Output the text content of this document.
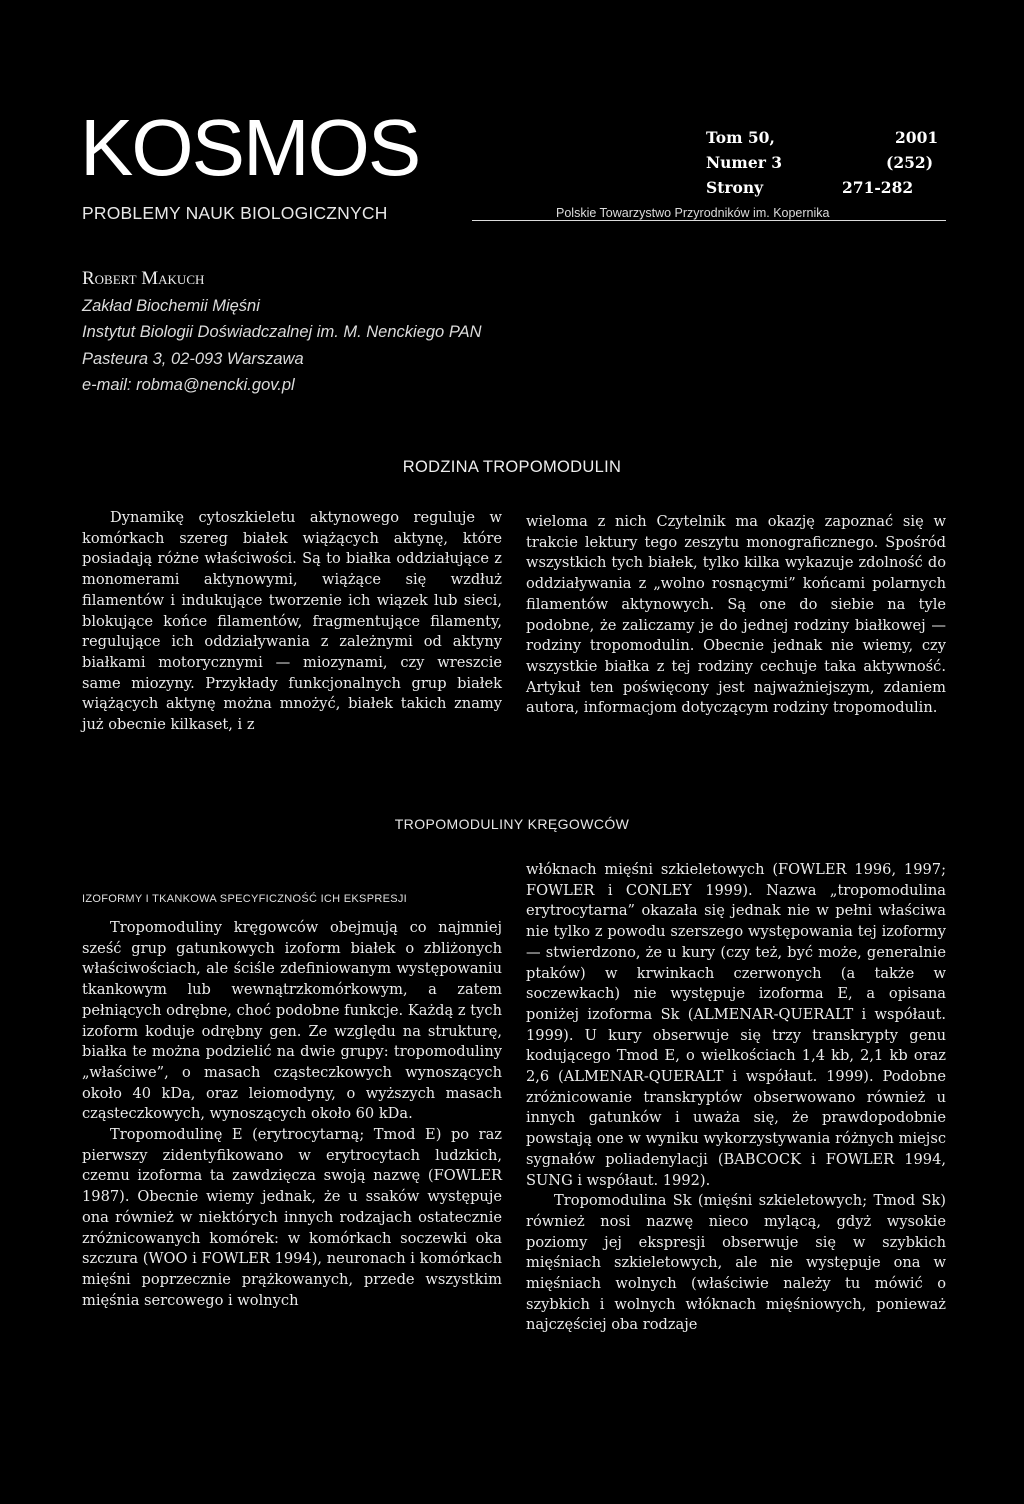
KOSMOS
PROBLEMY NAUK BIOLOGICZNYCH
Tom 50,	2001
Numer 3	(252)
Strony	271-282
Polskie Towarzystwo Przyrodników im. Kopernika
Robert Makuch
Zakład Biochemii Mięśni
Instytut Biologii Doświadczalnej im. M. Nenckiego PAN
Pasteura 3, 02-093 Warszawa
e-mail: robma@nencki.gov.pl
RODZINA TROPOMODULIN

Dynamikę cytoszkieletu aktynowego reguluje w komórkach szereg białek wiążących aktynę, które posiadają różne właściwości. Są to białka oddziałujące z monomerami aktynowymi, wiążące się wzdłuż filamentów i indukujące tworzenie ich wiązek lub sieci, blokujące końce filamentów, fragmentujące filamenty, regulujące ich oddziaływania z zależnymi od aktyny białkami motorycznymi — miozynami, czy wreszcie same miozyny. Przykłady funkcjonalnych grup białek wiążących aktynę można mnożyć, białek takich znamy już obecnie kilkaset, i z

wieloma z nich Czytelnik ma okazję zapoznać się w trakcie lektury tego zeszytu monograficznego. Spośród wszystkich tych białek, tylko kilka wykazuje zdolność do oddziaływania z „wolno rosnącymi” końcami polarnych filamentów aktynowych. Są one do siebie na tyle podobne, że zaliczamy je do jednej rodziny białkowej — rodziny tropomodulin. Obecnie jednak nie wiemy, czy wszystkie białka z tej rodziny cechuje taka aktywność. Artykuł ten poświęcony jest najważniejszym, zdaniem autora, informacjom dotyczącym rodziny tropomodulin.

TROPOMODULINY KRĘGOWCÓW
IZOFORMY I TKANKOWA SPECYFICZNOŚĆ ICH EKSPRESJI

Tropomoduliny kręgowców obejmują co najmniej sześć grup gatunkowych izoform białek o zbliżonych właściwościach, ale ściśle zdefiniowanym występowaniu tkankowym lub wewnątrzkomórkowym, a zatem pełniących odrębne, choć podobne funkcje. Każdą z tych izoform koduje odrębny gen. Ze względu na strukturę, białka te można podzielić na dwie grupy: tropomoduliny „właściwe”, o masach cząsteczkowych wynoszących około 40 kDa, oraz leiomodyny, o wyższych masach cząsteczkowych, wynoszących około 60 kDa.

Tropomodulinę E (erytrocytarną; Tmod E) po raz pierwszy zidentyfikowano w erytrocytach ludzkich, czemu izoforma ta zawdzięcza swoją nazwę (FOWLER 1987). Obecnie wiemy jednak, że u ssaków występuje ona również w niektórych innych rodzajach ostatecznie zróżnicowanych komórek: w komórkach soczewki oka szczura (WOO i FOWLER 1994), neuronach i komórkach mięśni poprzecznie prążkowanych, przede wszystkim mięśnia sercowego i wolnych

włóknach mięśni szkieletowych (FOWLER 1996, 1997; FOWLER i CONLEY 1999). Nazwa „tropomodulina erytrocytarna” okazała się jednak nie w pełni właściwa nie tylko z powodu szerszego występowania tej izoformy — stwierdzono, że u kury (czy też, być może, generalnie ptaków) w krwinkach czerwonych (a także w soczewkach) nie występuje izoforma E, a opisana poniżej izoforma Sk (ALMENAR-QUERALT i współaut. 1999). U kury obserwuje się trzy transkrypty genu kodującego Tmod E, o wielkościach 1,4 kb, 2,1 kb oraz 2,6 (ALMENAR-QUERALT i współaut. 1999). Podobne zróżnicowanie transkryptów obserwowano również u innych gatunków i uważa się, że prawdopodobnie powstają one w wyniku wykorzystywania różnych miejsc sygnałów poliadenylacji (BABCOCK i FOWLER 1994, SUNG i współaut. 1992).

Tropomodulina Sk (mięśni szkieletowych; Tmod Sk) również nosi nazwę nieco mylącą, gdyż wysokie poziomy jej ekspresji obserwuje się w szybkich mięśniach szkieletowych, ale nie występuje ona w mięśniach wolnych (właściwie należy tu mówić o szybkich i wolnych włóknach mięśniowych, ponieważ najczęściej oba rodzaje
